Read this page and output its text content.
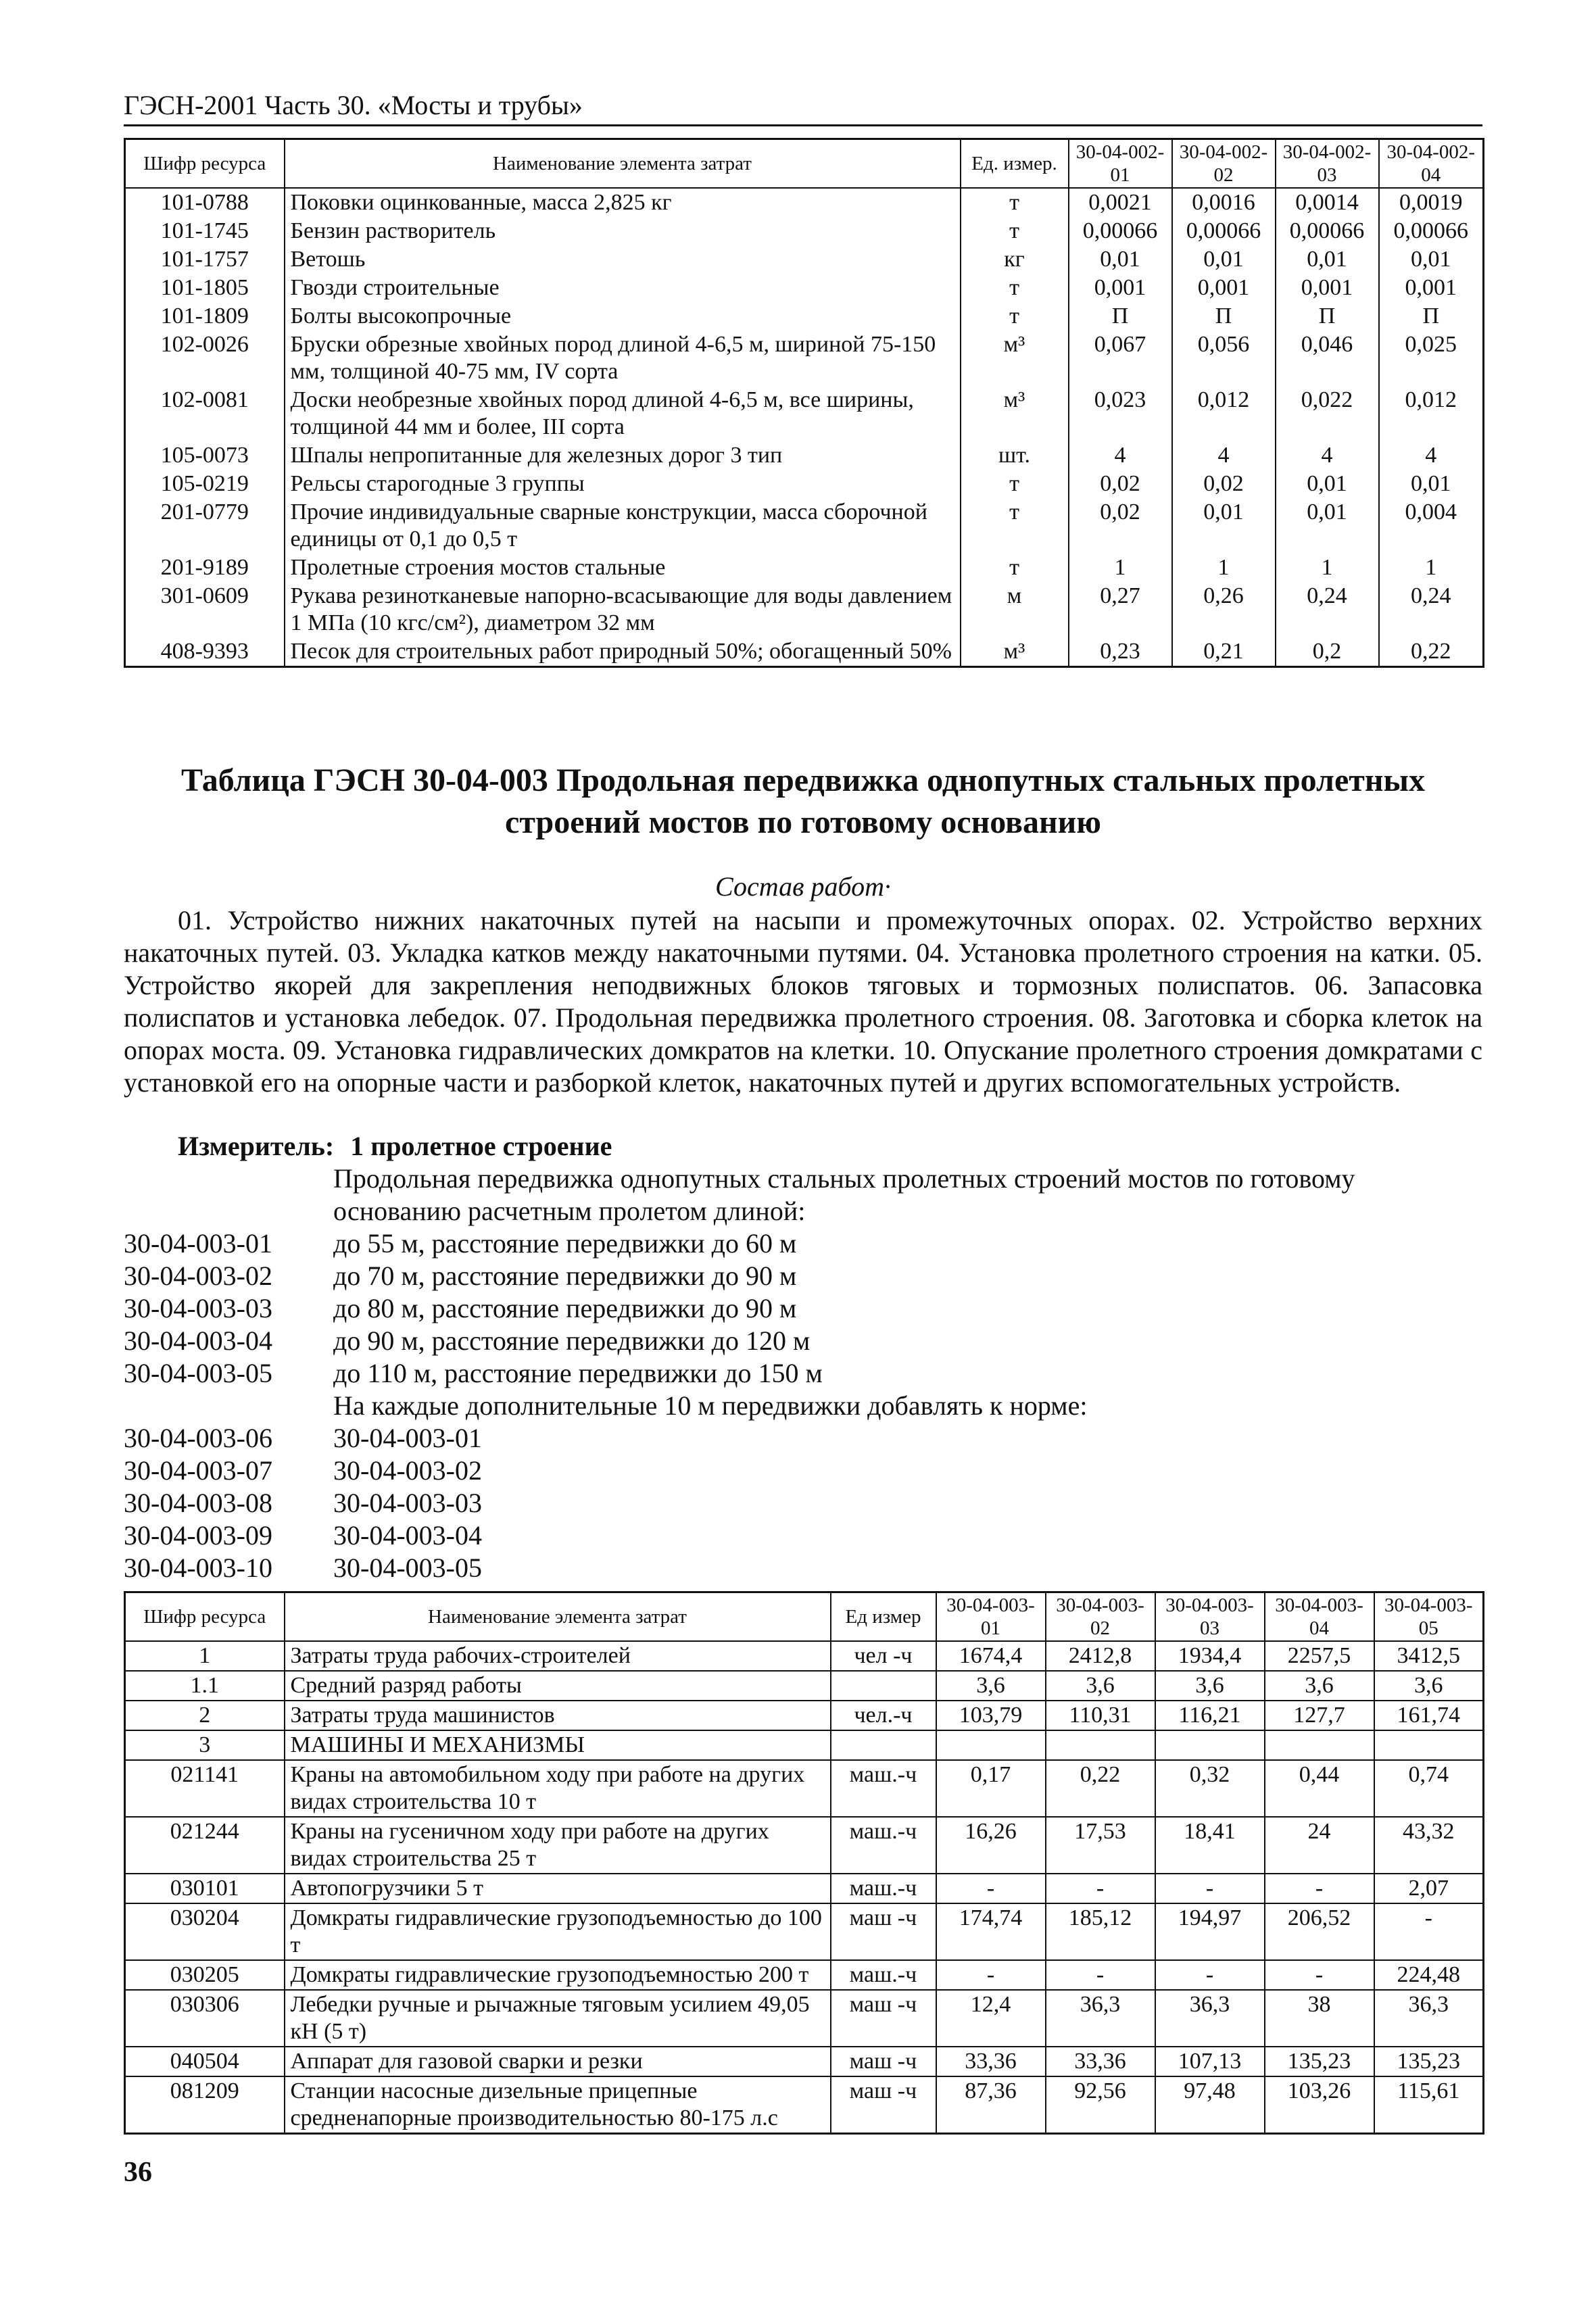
ГЭСН-2001 Часть 30. «Мосты и трубы»
Шифр ресурса	Наименование элемента затрат	Ед. измер.	30-04-002-01	30-04-002-02	30-04-002-03	30-04-002-04
101-0788	Поковки оцинкованные, масса 2,825 кг	т	0,0021	0,0016	0,0014	0,0019
101-1745	Бензин растворитель	т	0,00066	0,00066	0,00066	0,00066
101-1757	Ветошь	кг	0,01	0,01	0,01	0,01
101-1805	Гвозди строительные	т	0,001	0,001	0,001	0,001
101-1809	Болты высокопрочные	т	П	П	П	П
102-0026	Бруски обрезные хвойных пород длиной 4-6,5 м, шириной 75-150 мм, толщиной 40-75 мм, IV сорта	м³	0,067	0,056	0,046	0,025
102-0081	Доски необрезные хвойных пород длиной 4-6,5 м, все ширины, толщиной 44 мм и более, III сорта	м³	0,023	0,012	0,022	0,012
105-0073	Шпалы непропитанные для железных дорог 3 тип	шт.	4	4	4	4
105-0219	Рельсы старогодные 3 группы	т	0,02	0,02	0,01	0,01
201-0779	Прочие индивидуальные сварные конструкции, масса сборочной единицы от 0,1 до 0,5 т	т	0,02	0,01	0,01	0,004
201-9189	Пролетные строения мостов стальные	т	1	1	1	1
301-0609	Рукава резинотканевые напорно-всасывающие для воды давлением 1 МПа (10 кгс/см²), диаметром 32 мм	м	0,27	0,26	0,24	0,24
408-9393	Песок для строительных работ природный 50%; обогащенный 50%	м³	0,23	0,21	0,2	0,22
Таблица ГЭСН 30-04-003 Продольная передвижка однопутных стальных пролетных строений мостов по готовому основанию
Состав работ·
01. Устройство нижних накаточных путей на насыпи и промежуточных опорах. 02. Устройство верхних накаточных путей. 03. Укладка катков между накаточными путями. 04. Установка пролетного строения на катки. 05. Устройство якорей для закрепления неподвижных блоков тяговых и тормозных полиспатов. 06. Запасовка полиспатов и установка лебедок. 07. Продольная передвижка пролетного строения. 08. Заготовка и сборка клеток на опорах моста. 09. Установка гидравлических домкратов на клетки. 10. Опускание пролетного строения домкратами с установкой его на опорные части и разборкой клеток, накаточных путей и других вспомогательных устройств.
Измеритель: 1 пролетное строение
Продольная передвижка однопутных стальных пролетных строений мостов по готовому основанию расчетным пролетом длиной:
30-04-003-01	до 55 м, расстояние передвижки до 60 м
30-04-003-02	до 70 м, расстояние передвижки до 90 м
30-04-003-03	до 80 м, расстояние передвижки до 90 м
30-04-003-04	до 90 м, расстояние передвижки до 120 м
30-04-003-05	до 110 м, расстояние передвижки до 150 м
На каждые дополнительные 10 м передвижки добавлять к норме:
30-04-003-06	30-04-003-01
30-04-003-07	30-04-003-02
30-04-003-08	30-04-003-03
30-04-003-09	30-04-003-04
30-04-003-10	30-04-003-05
Шифр ресурса	Наименование элемента затрат	Ед измер	30-04-003-01	30-04-003-02	30-04-003-03	30-04-003-04	30-04-003-05
1	Затраты труда рабочих-строителей	чел -ч	1674,4	2412,8	1934,4	2257,5	3412,5
1.1	Средний разряд работы		3,6	3,6	3,6	3,6	3,6
2	Затраты труда машинистов	чел.-ч	103,79	110,31	116,21	127,7	161,74
3	МАШИНЫ И МЕХАНИЗМЫ						
021141	Краны на автомобильном ходу при работе на других видах строительства 10 т	маш.-ч	0,17	0,22	0,32	0,44	0,74
021244	Краны на гусеничном ходу при работе на других видах строительства 25 т	маш.-ч	16,26	17,53	18,41	24	43,32
030101	Автопогрузчики 5 т	маш.-ч	-	-	-	-	2,07
030204	Домкраты гидравлические грузоподъемностью до 100 т	маш -ч	174,74	185,12	194,97	206,52	-
030205	Домкраты гидравлические грузоподъемностью 200 т	маш.-ч	-	-	-	-	224,48
030306	Лебедки ручные и рычажные тяговым усилием 49,05 кН (5 т)	маш -ч	12,4	36,3	36,3	38	36,3
040504	Аппарат для газовой сварки и резки	маш -ч	33,36	33,36	107,13	135,23	135,23
081209	Станции насосные дизельные прицепные средненапорные производительностью 80-175 л.с	маш -ч	87,36	92,56	97,48	103,26	115,61
36
